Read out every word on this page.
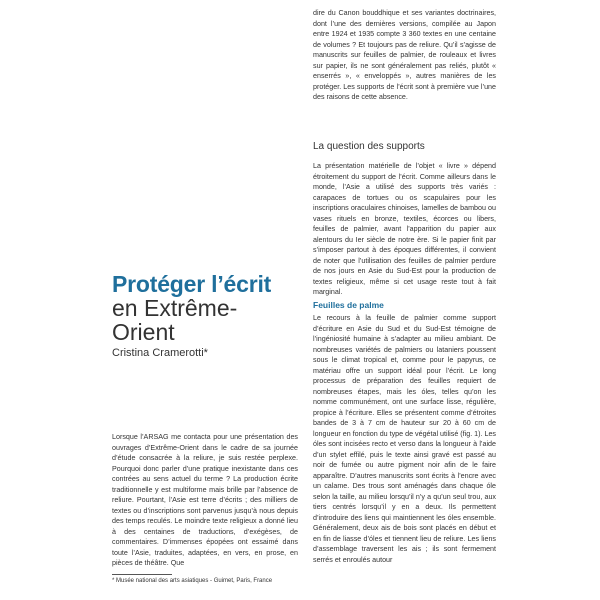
Protéger l’écrit
en Extrême-
Orient
Cristina Cramerotti*

Lorsque l’ARSAG me contacta pour une présentation des ouvrages d’Extrême-Orient dans le cadre de sa journée d’étude consacrée à la reliure, je suis restée perplexe. Pourquoi donc parler d’une pratique inexistante dans ces contrées au sens actuel du terme ? La production écrite traditionnelle y est multiforme mais brille par l’absence de reliure. Pourtant, l’Asie est terre d’écrits ; des milliers de textes ou d’inscriptions sont parvenus jusqu’à nous depuis des temps reculés. Le moindre texte religieux a donné lieu à des centaines de traductions, d’exégèses, de commentaires. D’immenses épopées ont essaimé dans toute l’Asie, traduites, adaptées, en vers, en prose, en pièces de théâtre. Que

dire du Canon bouddhique et ses variantes doctrinaires, dont l’une des dernières versions, compilée au Japon entre 1924 et 1935 compte 3 360 textes en une centaine de volumes ? Et toujours pas de reliure. Qu’il s’agisse de manuscrits sur feuilles de palmier, de rouleaux et livres sur papier, ils ne sont généralement pas reliés, plutôt « enserrés », « enveloppés », autres manières de les protéger. Les supports de l’écrit sont à première vue l’une des raisons de cette absence.

La question des supports

La présentation matérielle de l’objet « livre » dépend étroitement du support de l’écrit. Comme ailleurs dans le monde, l’Asie a utilisé des supports très variés : carapaces de tortues ou os scapulaires pour les inscriptions oraculaires chinoises, lamelles de bambou ou vases rituels en bronze, textiles, écorces ou libers, feuilles de palmier, avant l’apparition du papier aux alentours du Ier siècle de notre ère. Si le papier finit par s’imposer partout à des époques différentes, il convient de noter que l’utilisation des feuilles de palmier perdure de nos jours en Asie du Sud-Est pour la production de textes religieux, même si cet usage reste tout à fait marginal.

Feuilles de palme

Le recours à la feuille de palmier comme support d’écriture en Asie du Sud et du Sud-Est témoigne de l’ingéniosité humaine à s’adapter au milieu ambiant. De nombreuses variétés de palmiers ou lataniers poussent sous le climat tropical et, comme pour le papyrus, ce matériau offre un support idéal pour l’écrit. Le long processus de préparation des feuilles requiert de nombreuses étapes, mais les óles, telles qu’on les nomme communément, ont une surface lisse, régulière, propice à l’écriture. Elles se présentent comme d’étroites bandes de 3 à 7 cm de hauteur sur 20 à 60 cm de longueur en fonction du type de végétal utilisé (fig. 1). Les óles sont incisées recto et verso dans la longueur à l’aide d’un stylet effilé, puis le texte ainsi gravé est passé au noir de fumée ou autre pigment noir afin de le faire apparaître. D’autres manuscrits sont écrits à l’encre avec un calame. Des trous sont aménagés dans chaque óle selon la taille, au milieu lorsqu’il n’y a qu’un seul trou, aux tiers centrés lorsqu’il y en a deux. Ils permettent d’introduire des liens qui maintiennent les óles ensemble. Généralement, deux ais de bois sont placés en début et en fin de liasse d’óles et tiennent lieu de reliure. Les liens d’assemblage traversent les ais ; ils sont fermement serrés et enroulés autour

* Musée national des arts asiatiques - Guimet, Paris, France
